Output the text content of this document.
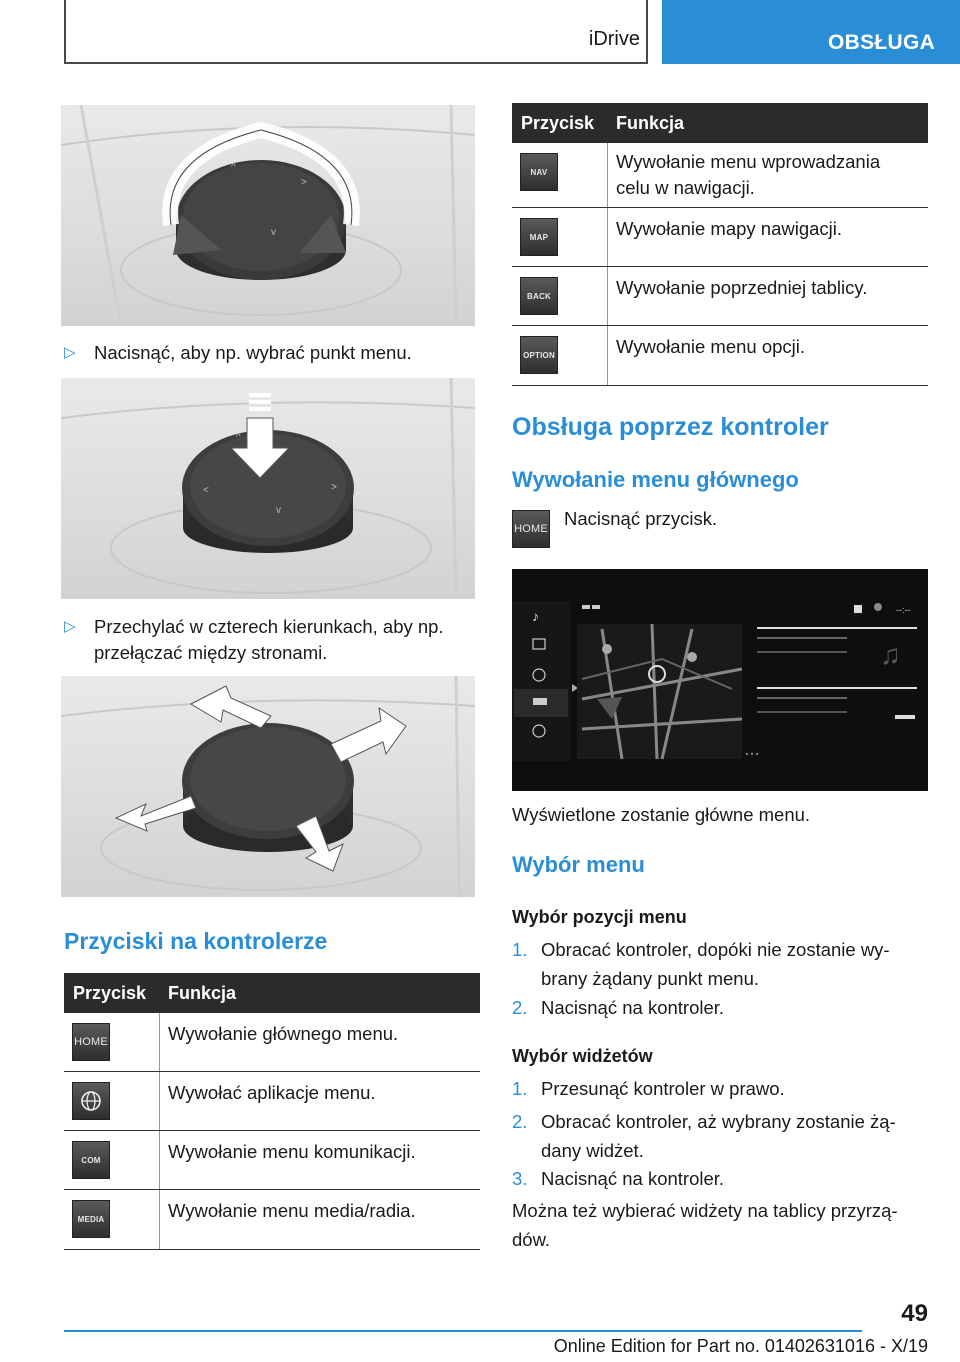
iDrive	OBSŁUGA
^
>
v
▷ Nacisnąć, aby np. wybrać punkt menu.
^
<	>
v
▷ Przechylać w czterech kierunkach, aby np. przełączać między stronami.
Przyciski na kontrolerze
Przycisk Funkcja
HOME	Wywołanie głównego menu.
Wywołać aplikacje menu.
COM	Wywołanie menu komunikacji.
MEDIA	Wywołanie menu media/radia.
Przycisk Funkcja
NAV	Wywołanie menu wprowadzania celu w nawigacji.
MAP	Wywołanie mapy nawigacji.
BACK	Wywołanie poprzedniej tablicy.
OPTION	Wywołanie menu opcji.
Obsługa poprzez kontroler
Wywołanie menu głównego
HOME Nacisnąć przycisk.
♪	--:--
♫
Wyświetlone zostanie główne menu.
Wybór menu
Wybór pozycji menu
1. Obracać kontroler, dopóki nie zostanie wy-brany żądany punkt menu.
2. Nacisnąć na kontroler.
Wybór widżetów
1. Przesunąć kontroler w prawo.
2. Obracać kontroler, aż wybrany zostanie żą-dany widżet.
3. Nacisnąć na kontroler.
Można też wybierać widżety na tablicy przyrzą-dów.
49
Online Edition for Part no. 01402631016 - X/19
